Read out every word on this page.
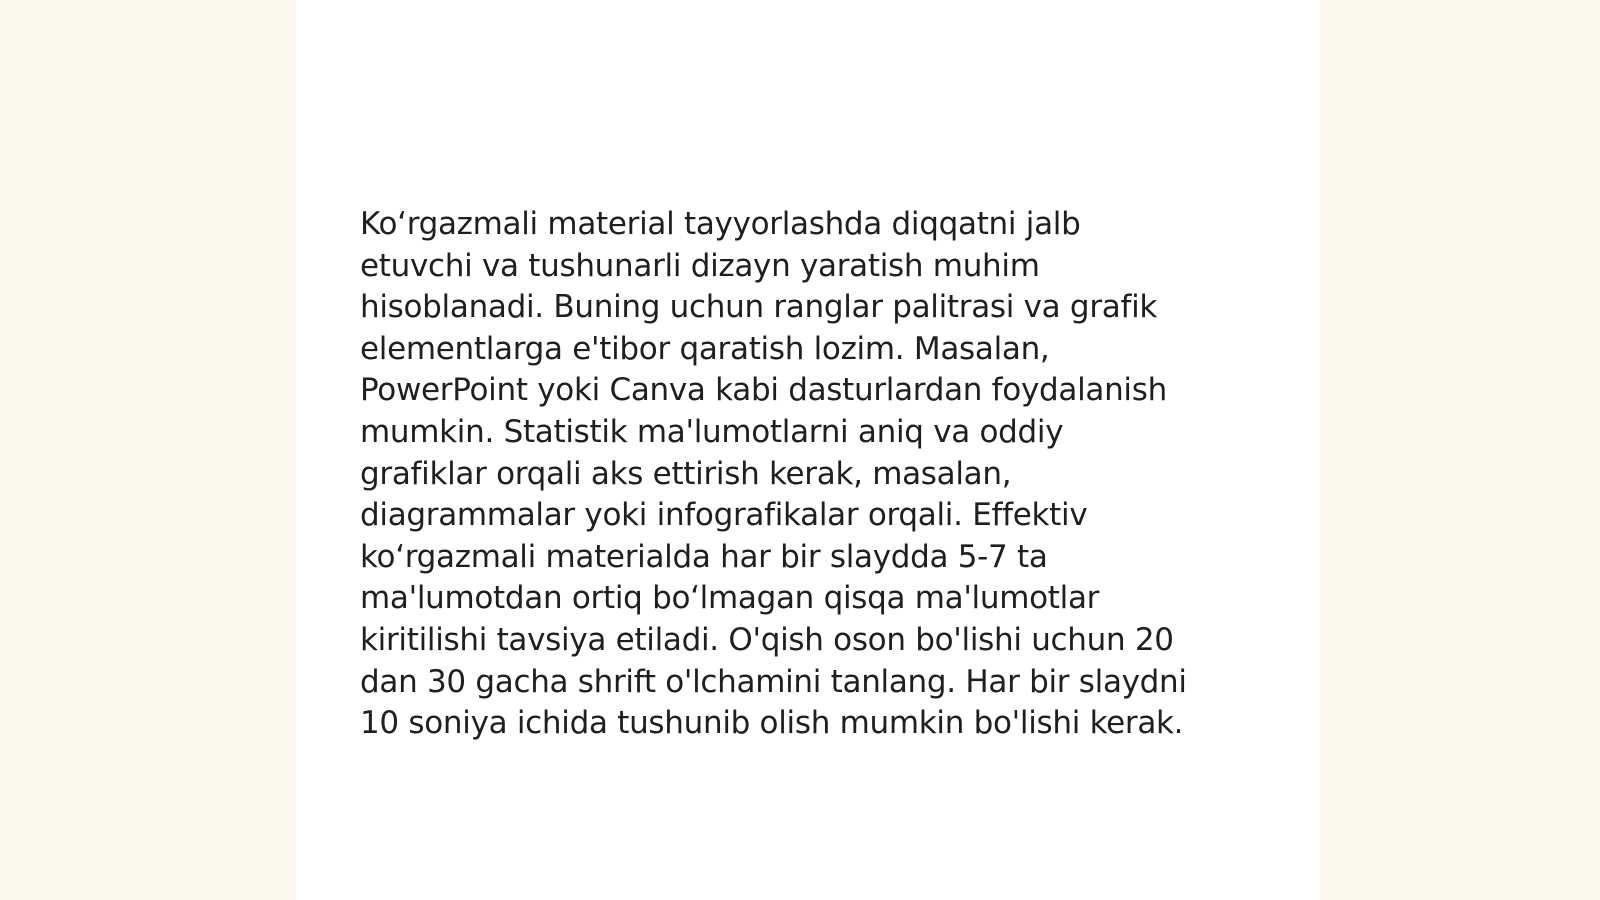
Ko‘rgazmali material tayyorlashda diqqatni jalb
etuvchi va tushunarli dizayn yaratish muhim
hisoblanadi. Buning uchun ranglar palitrasi va grafik
elementlarga e'tibor qaratish lozim. Masalan,
PowerPoint yoki Canva kabi dasturlardan foydalanish
mumkin. Statistik ma'lumotlarni aniq va oddiy
grafiklar orqali aks ettirish kerak, masalan,
diagrammalar yoki infografikalar orqali. Effektiv
ko‘rgazmali materialda har bir slaydda 5-7 ta
ma'lumotdan ortiq bo‘lmagan qisqa ma'lumotlar
kiritilishi tavsiya etiladi. O'qish oson bo'lishi uchun 20
dan 30 gacha shrift o'lchamini tanlang. Har bir slaydni
10 soniya ichida tushunib olish mumkin bo'lishi kerak.
